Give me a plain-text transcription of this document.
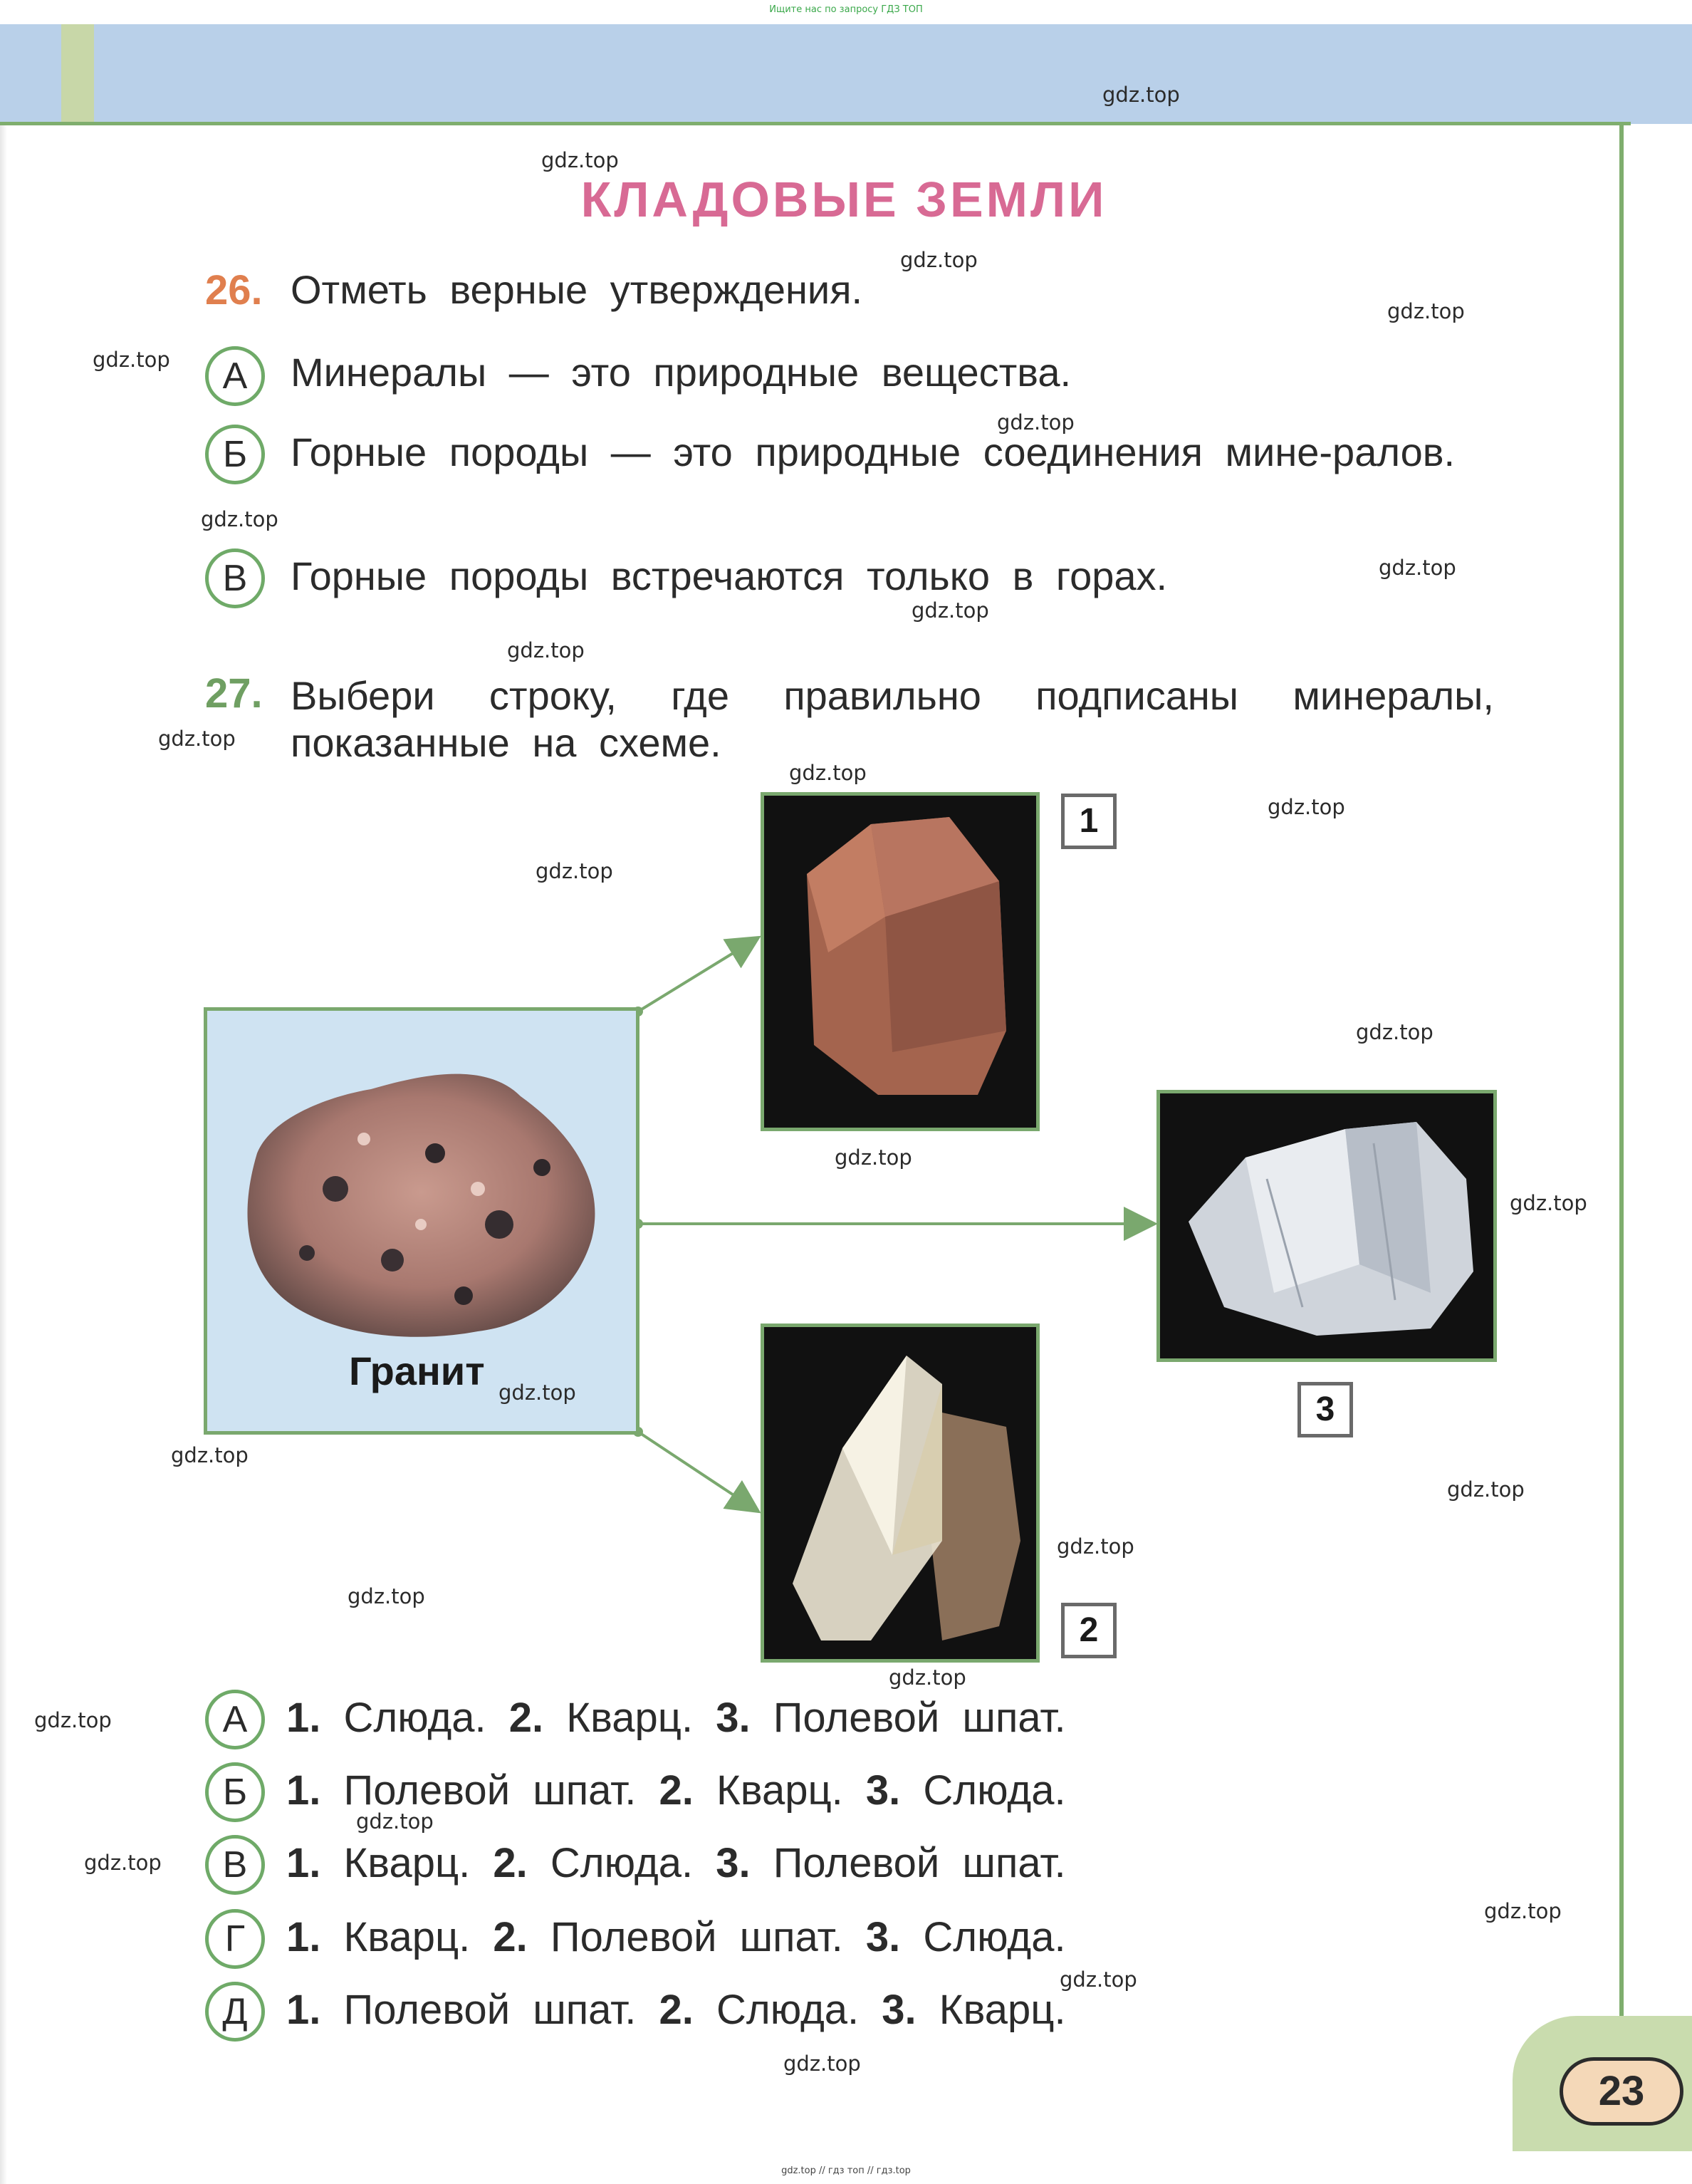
Ищите нас по запросу ГДЗ ТОП
КЛАДОВЫЕ ЗЕМЛИ
26. Отметь верные утверждения.
А	Минералы — это природные вещества.
Б	Горные породы — это природные соединения мине-ралов.
В	Горные породы встречаются только в горах.
27. Выбери строку, где правильно подписаны минералы, показанные на схеме.
Гранит
1
2
3
А 1. Слюда. 2. Кварц. 3. Полевой шпат.
Б 1. Полевой шпат. 2. Кварц. 3. Слюда.
В 1. Кварц. 2. Слюда. 3. Полевой шпат.
Г 1. Кварц. 2. Полевой шпат. 3. Слюда.
Д 1. Полевой шпат. 2. Слюда. 3. Кварц.
gdz.top
gdz.top
gdz.top
gdz.top
gdz.top
gdz.top
gdz.top
gdz.top
gdz.top
gdz.top
gdz.top
gdz.top
gdz.top
gdz.top
gdz.top
gdz.top
gdz.top
gdz.top
gdz.top
gdz.top
gdz.top
gdz.top
gdz.top
gdz.top
gdz.top
gdz.top
gdz.top
gdz.top
gdz.top
23
gdz.top // гдз топ // гдз.top
